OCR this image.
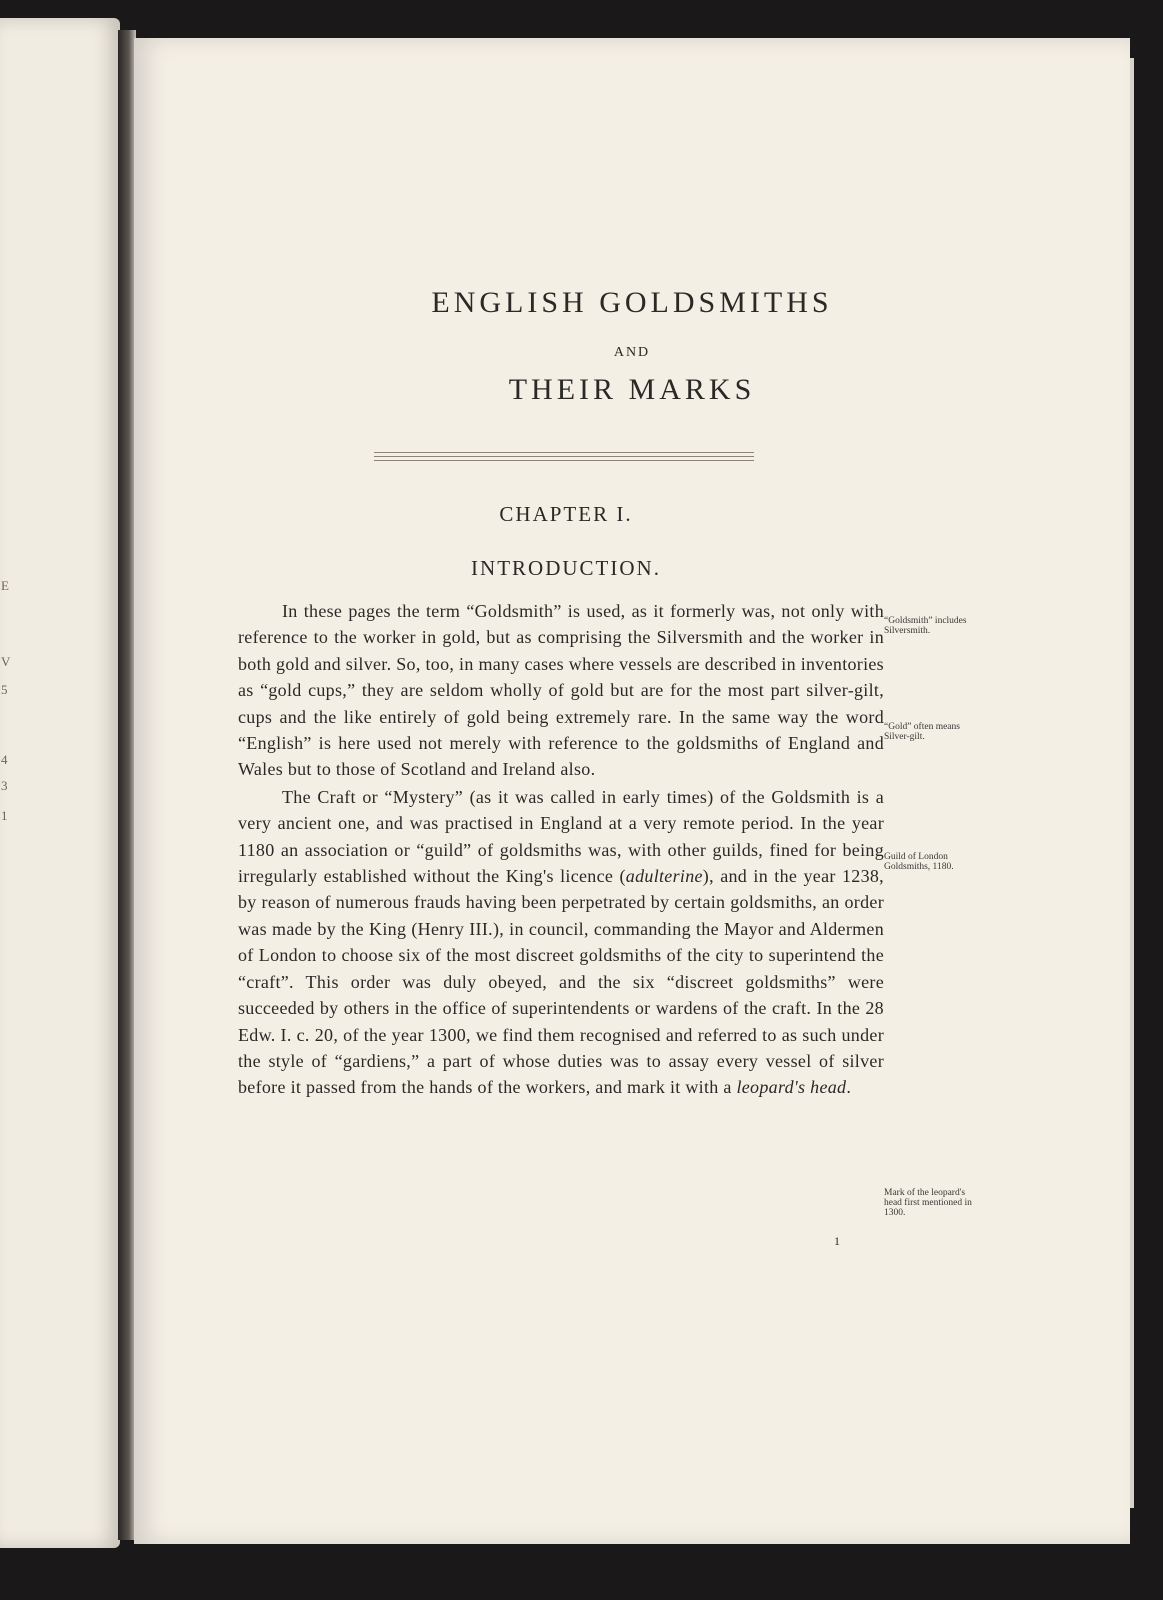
E
V
5
4
3
1
ENGLISH GOLDSMITHS
AND
THEIR MARKS
CHAPTER I.
INTRODUCTION.

In these pages the term “Goldsmith” is used, as it formerly was, not only with reference to the worker in gold, but as comprising the Silversmith and the worker in both gold and silver. So, too, in many cases where vessels are described in inventories as “gold cups,” they are seldom wholly of gold but are for the most part silver-gilt, cups and the like entirely of gold being extremely rare. In the same way the word “English” is here used not merely with reference to the goldsmiths of England and Wales but to those of Scotland and Ireland also.

The Craft or “Mystery” (as it was called in early times) of the Goldsmith is a very ancient one, and was practised in England at a very remote period. In the year 1180 an association or “guild” of goldsmiths was, with other guilds, fined for being irregularly established without the King's licence (adulterine), and in the year 1238, by reason of numerous frauds having been perpetrated by certain goldsmiths, an order was made by the King (Henry III.), in council, commanding the Mayor and Aldermen of London to choose six of the most discreet goldsmiths of the city to superintend the “craft”. This order was duly obeyed, and the six “discreet goldsmiths” were succeeded by others in the office of superintendents or wardens of the craft. In the 28 Edw. I. c. 20, of the year 1300, we find them recognised and referred to as such under the style of “gardiens,” a part of whose duties was to assay every vessel of silver before it passed from the hands of the workers, and mark it with a leopard's head.

“Goldsmith” includes Silversmith.
“Gold” often means Silver-gilt.
Guild of London Goldsmiths, 1180.
Mark of the leopard's head first mentioned in 1300.
1
